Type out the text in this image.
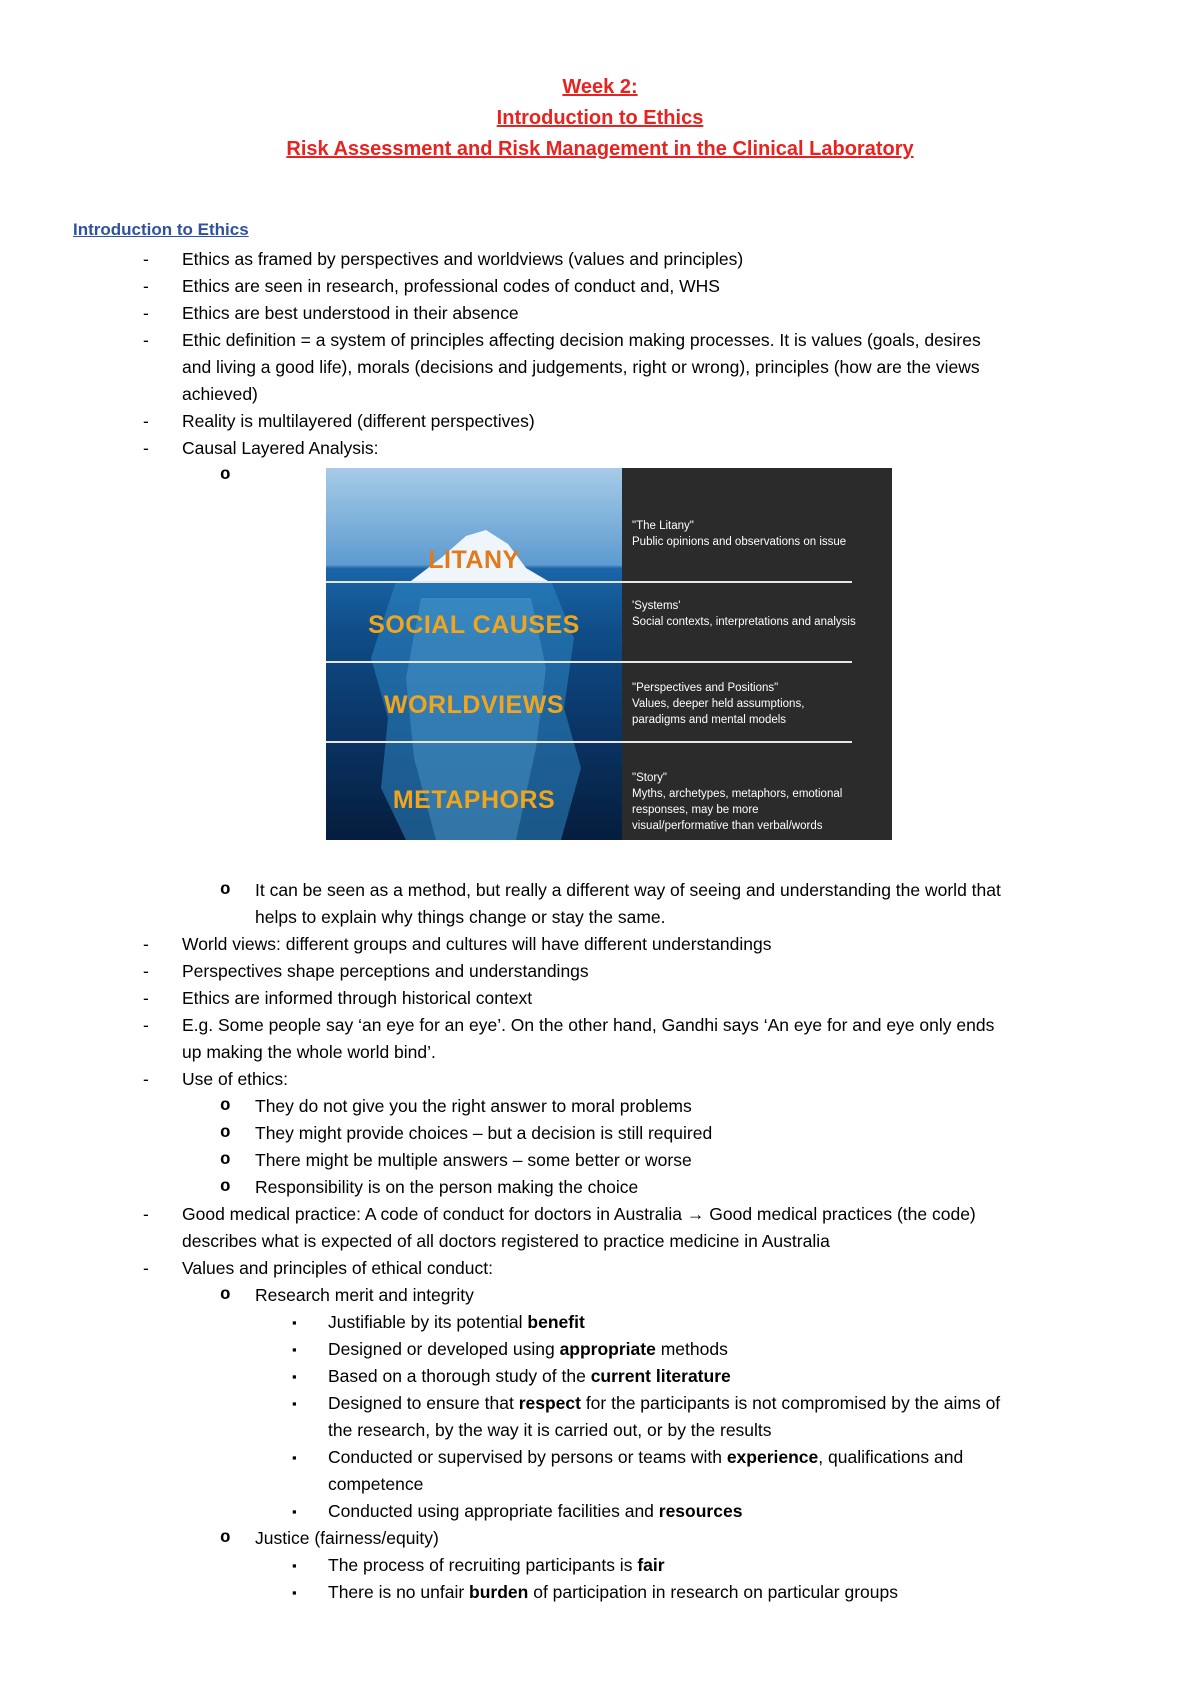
Week 2:
Introduction to Ethics
Risk Assessment and Risk Management in the Clinical Laboratory
Introduction to Ethics
- Ethics as framed by perspectives and worldviews (values and principles)
- Ethics are seen in research, professional codes of conduct and, WHS
- Ethics are best understood in their absence
- Ethic definition = a system of principles affecting decision making processes. It is values (goals, desires
and living a good life), morals (decisions and judgements, right or wrong), principles (how are the views
achieved)
- Reality is multilayered (different perspectives)
- Causal Layered Analysis:
o
LITANY
SOCIAL CAUSES
WORLDVIEWS
METAPHORS
"The Litany"
Public opinions and observations on issue
'Systems'
Social contexts, interpretations and analysis
"Perspectives and Positions"
Values, deeper held assumptions,
paradigms and mental models
"Story"
Myths, archetypes, metaphors, emotional
responses, may be more
visual/performative than verbal/words
o It can be seen as a method, but really a different way of seeing and understanding the world that
helps to explain why things change or stay the same.
- World views: different groups and cultures will have different understandings
- Perspectives shape perceptions and understandings
- Ethics are informed through historical context
- E.g. Some people say ‘an eye for an eye’. On the other hand, Gandhi says ‘An eye for and eye only ends
up making the whole world bind’.
- Use of ethics:
o They do not give you the right answer to moral problems
o They might provide choices – but a decision is still required
o There might be multiple answers – some better or worse
o Responsibility is on the person making the choice
- Good medical practice: A code of conduct for doctors in Australia → Good medical practices (the code)
describes what is expected of all doctors registered to practice medicine in Australia
- Values and principles of ethical conduct:
o Research merit and integrity
▪ Justifiable by its potential benefit
▪ Designed or developed using appropriate methods
▪ Based on a thorough study of the current literature
▪ Designed to ensure that respect for the participants is not compromised by the aims of
the research, by the way it is carried out, or by the results
▪ Conducted or supervised by persons or teams with experience, qualifications and
competence
▪ Conducted using appropriate facilities and resources
o Justice (fairness/equity)
▪ The process of recruiting participants is fair
▪ There is no unfair burden of participation in research on particular groups
